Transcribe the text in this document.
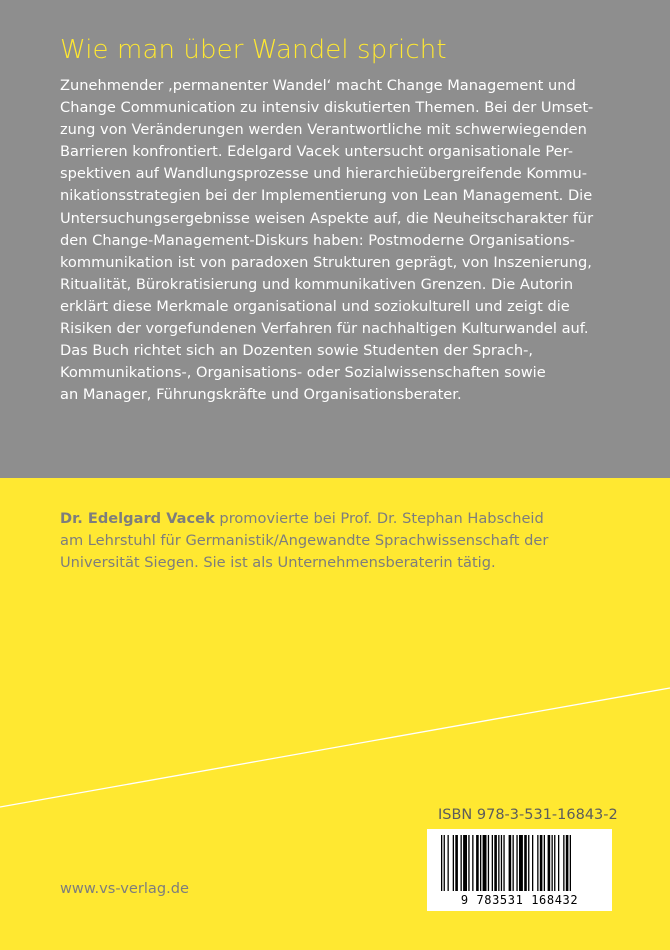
Wie man über Wandel spricht
Zunehmender ‚permanenter Wandel‘ macht Change Management und
Change Communication zu intensiv diskutierten Themen. Bei der Umset-
zung von Veränderungen werden Verantwortliche mit schwerwiegenden
Barrieren konfrontiert. Edelgard Vacek untersucht organisationale Per-
spektiven auf Wandlungsprozesse und hierarchieübergreifende Kommu-
nikationsstrategien bei der Implementierung von Lean Management. Die
Untersuchungsergebnisse weisen Aspekte auf, die Neuheitscharakter für
den Change-Management-Diskurs haben: Postmoderne Organisations-
kommunikation ist von paradoxen Strukturen geprägt, von Inszenierung,
Ritualität, Bürokratisierung und kommunikativen Grenzen. Die Autorin
erklärt diese Merkmale organisational und soziokulturell und zeigt die
Risiken der vorgefundenen Verfahren für nachhaltigen Kulturwandel auf.
Das Buch richtet sich an Dozenten sowie Studenten der Sprach-,
Kommunikations-, Organisations- oder Sozialwissenschaften sowie
an Manager, Führungskräfte und Organisationsberater.
Dr. Edelgard Vacek promovierte bei Prof. Dr. Stephan Habscheid
am Lehrstuhl für Germanistik/Angewandte Sprachwissenschaft der
Universität Siegen. Sie ist als Unternehmensberaterin tätig.
ISBN 978-3-531-16843-2
9 783531 168432
www.vs-verlag.de
